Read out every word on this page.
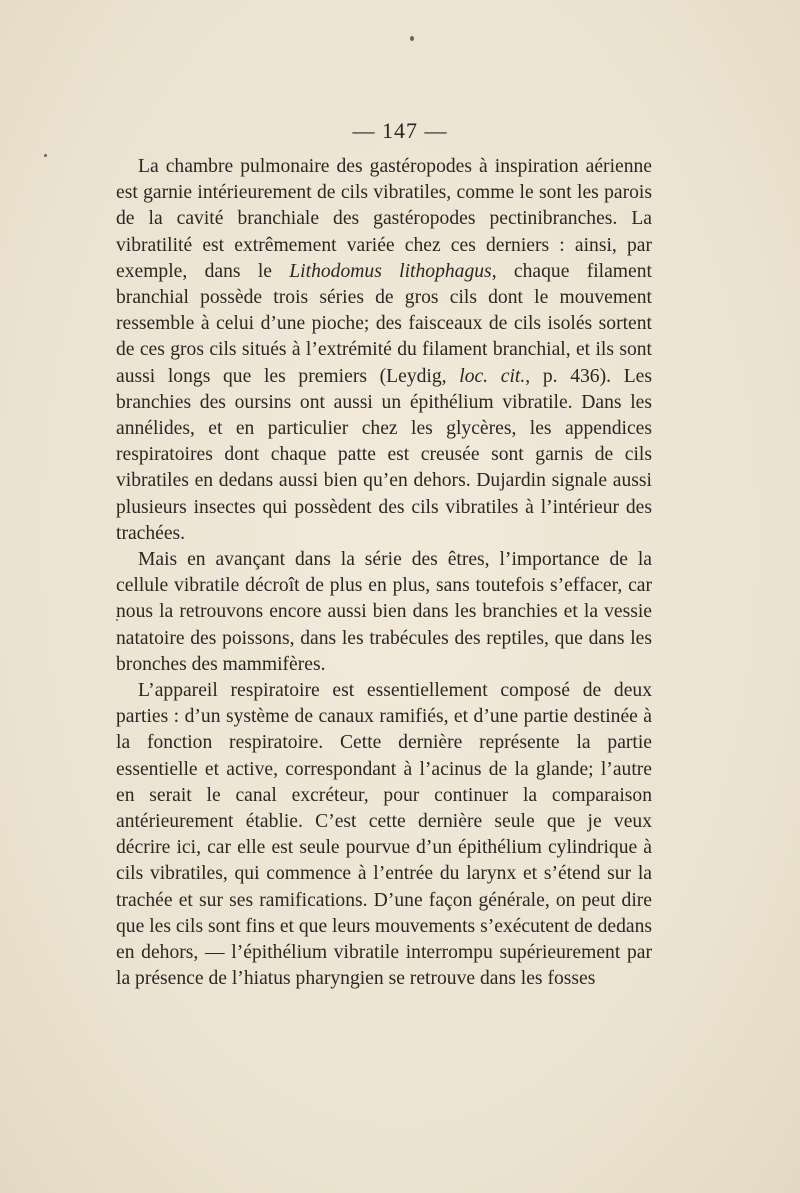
— 147 —

La chambre pulmonaire des gastéropodes à inspiration aérienne est garnie intérieurement de cils vibratiles, comme le sont les parois de la cavité branchiale des gastéropodes pectinibranches. La vibratilité est extrêmement variée chez ces derniers : ainsi, par exemple, dans le Lithodomus lithophagus, chaque filament branchial possède trois séries de gros cils dont le mouvement ressemble à celui d’une pioche; des faisceaux de cils isolés sortent de ces gros cils situés à l’extrémité du filament branchial, et ils sont aussi longs que les premiers (Leydig, loc. cit., p. 436). Les branchies des oursins ont aussi un épithélium vibratile. Dans les annélides, et en particulier chez les glycères, les appendices respiratoires dont chaque patte est creusée sont garnis de cils vibratiles en dedans aussi bien qu’en dehors. Dujardin signale aussi plusieurs insectes qui possèdent des cils vibratiles à l’intérieur des trachées.

Mais en avançant dans la série des êtres, l’importance de la cellule vibratile décroît de plus en plus, sans toutefois s’effacer, car nous la retrouvons encore aussi bien dans les branchies et la vessie natatoire des poissons, dans les trabécules des reptiles, que dans les bronches des mammifères.

L’appareil respiratoire est essentiellement composé de deux parties : d’un système de canaux ramifiés, et d’une partie destinée à la fonction respiratoire. Cette dernière représente la partie essentielle et active, correspondant à l’acinus de la glande; l’autre en serait le canal excréteur, pour continuer la comparaison antérieurement établie. C’est cette dernière seule que je veux décrire ici, car elle est seule pourvue d’un épithélium cylindrique à cils vibratiles, qui commence à l’entrée du larynx et s’étend sur la trachée et sur ses ramifications. D’une façon générale, on peut dire que les cils sont fins et que leurs mouvements s’exécutent de dedans en dehors, — l’épithélium vibratile interrompu supérieurement par la présence de l’hiatus pharyngien se retrouve dans les fosses
